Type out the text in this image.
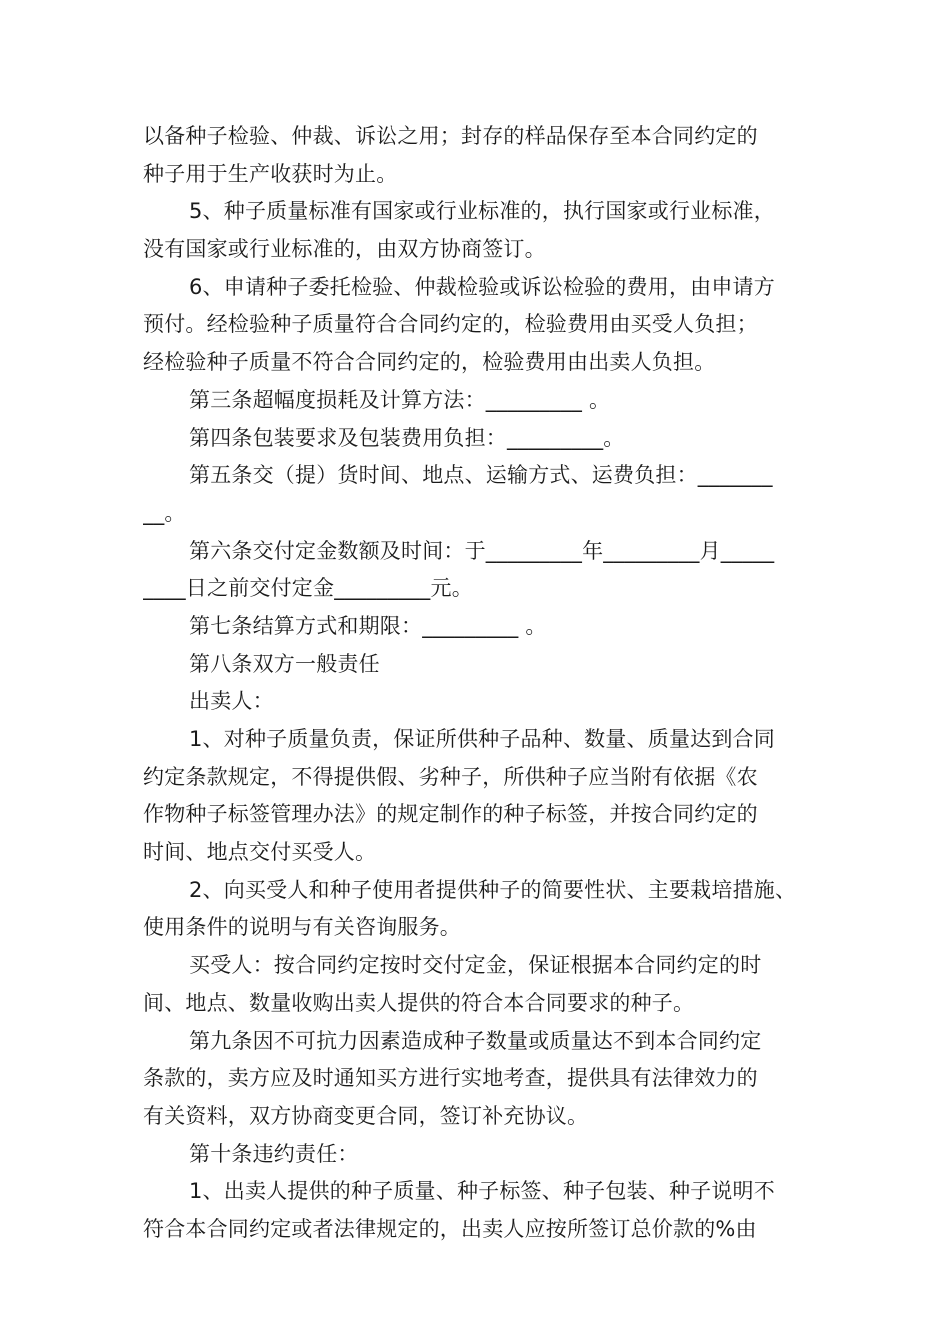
以备种子检验、仲裁、诉讼之用；封存的样品保存至本合同约定的
种子用于生产收获时为止。
5、种子质量标准有国家或行业标准的，执行国家或行业标准，
没有国家或行业标准的，由双方协商签订。
6、申请种子委托检验、仲裁检验或诉讼检验的费用，由申请方
预付。经检验种子质量符合合同约定的，检验费用由买受人负担；
经检验种子质量不符合合同约定的，检验费用由出卖人负担。
第三条超幅度损耗及计算方法：_________ 。
第四条包装要求及包装费用负担：_________。
第五条交（提）货时间、地点、运输方式、运费负担：_______
__。
第六条交付定金数额及时间：于_________年_________月_____
____日之前交付定金_________元。
第七条结算方式和期限：_________ 。
第八条双方一般责任
出卖人：
1、对种子质量负责，保证所供种子品种、数量、质量达到合同
约定条款规定，不得提供假、劣种子，所供种子应当附有依据《农
作物种子标签管理办法》的规定制作的种子标签，并按合同约定的
时间、地点交付买受人。
2、向买受人和种子使用者提供种子的简要性状、主要栽培措施、
使用条件的说明与有关咨询服务。
买受人：按合同约定按时交付定金，保证根据本合同约定的时
间、地点、数量收购出卖人提供的符合本合同要求的种子。
第九条因不可抗力因素造成种子数量或质量达不到本合同约定
条款的，卖方应及时通知买方进行实地考查，提供具有法律效力的
有关资料，双方协商变更合同，签订补充协议。
第十条违约责任：
1、出卖人提供的种子质量、种子标签、种子包装、种子说明不
符合本合同约定或者法律规定的，出卖人应按所签订总价款的%由
